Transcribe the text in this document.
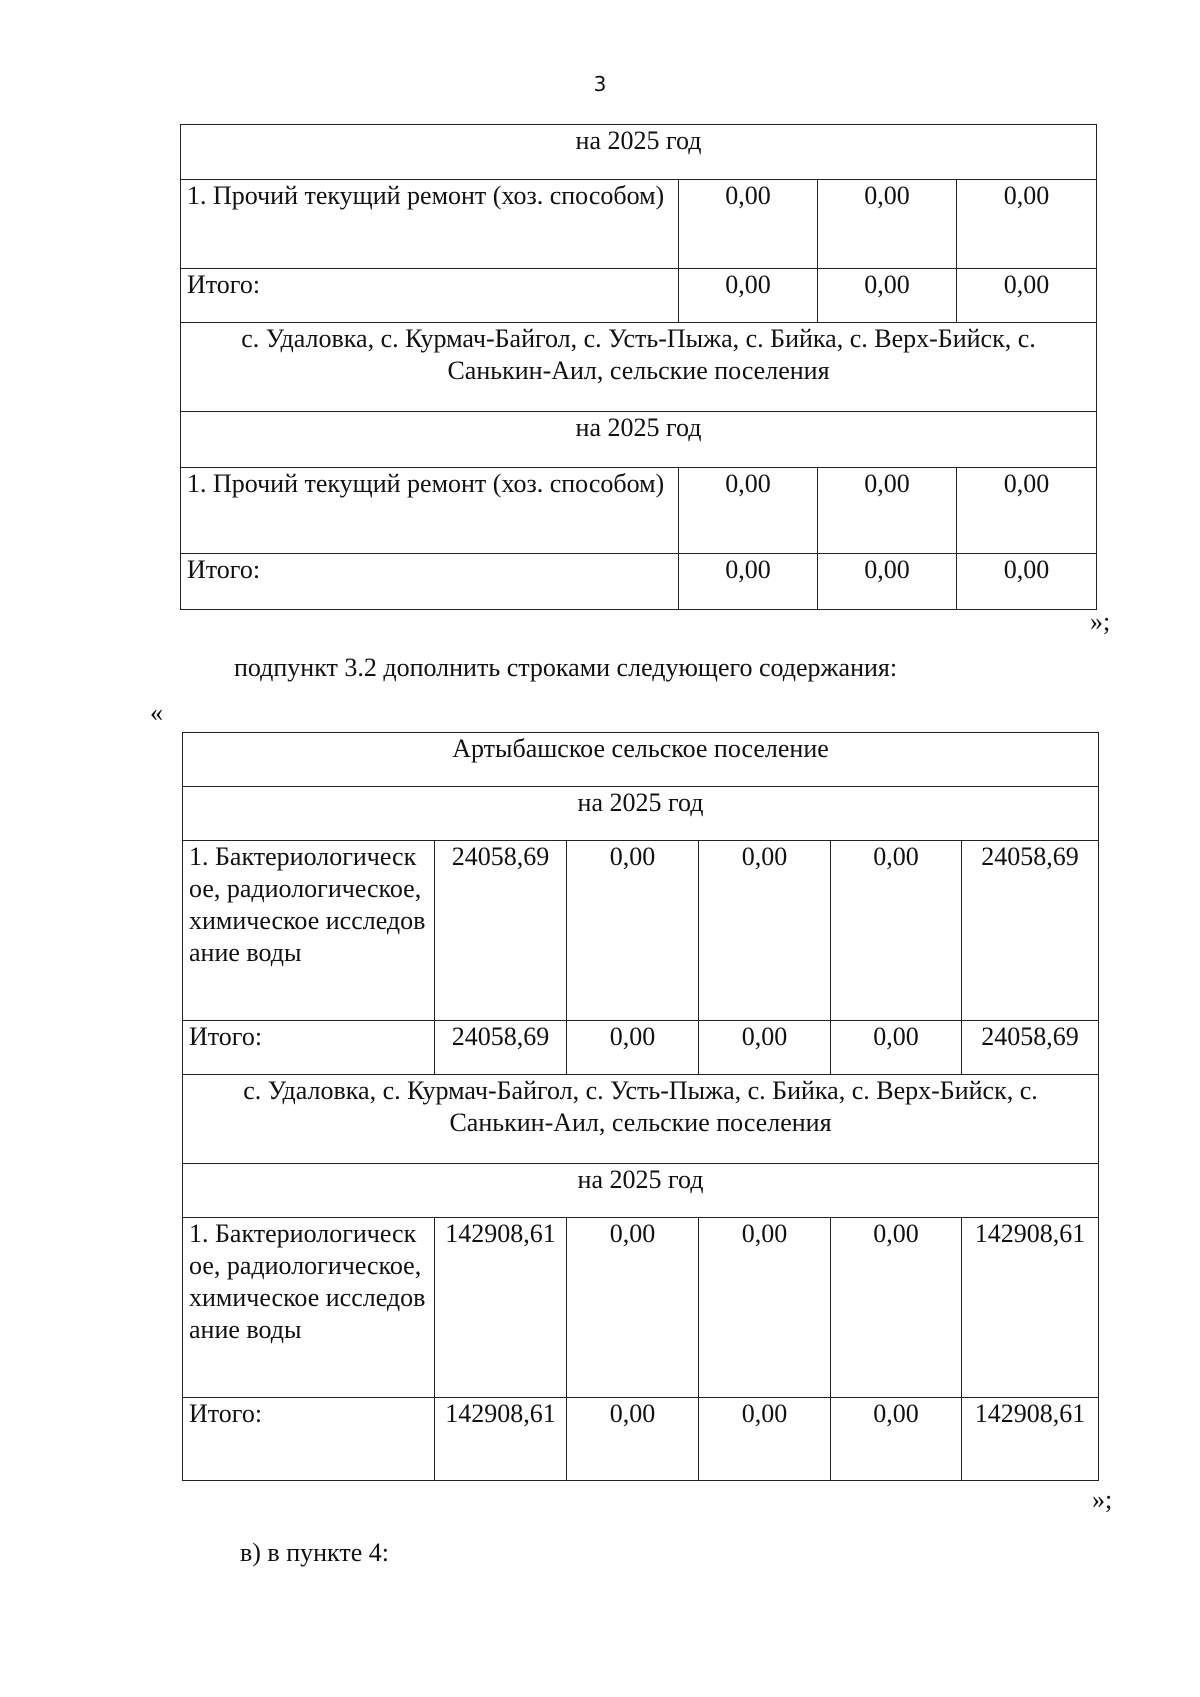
3
на 2025 год			
1. Прочий текущий ремонт (хоз. способом)	0,00	0,00	0,00
Итого:	0,00	0,00	0,00
с. Удаловка, с. Курмач-Байгол, с. Усть-Пыжа, с. Бийка, с. Верх-Бийск, с. Санькин-Аил, сельские поселения			
на 2025 год			
1. Прочий текущий ремонт (хоз. способом)	0,00	0,00	0,00
Итого:	0,00	0,00	0,00
»;
подпункт 3.2 дополнить строками следующего содержания:
«
Артыбашское сельское поселение					
на 2025 год					
1. Бактериологическое, радиологическое, химическое исследование воды	24058,69	0,00	0,00	0,00	24058,69
Итого:	24058,69	0,00	0,00	0,00	24058,69
с. Удаловка, с. Курмач-Байгол, с. Усть-Пыжа, с. Бийка, с. Верх-Бийск, с. Санькин-Аил, сельские поселения					
на 2025 год					
1. Бактериологическое, радиологическое, химическое исследование воды	142908,61	0,00	0,00	0,00	142908,61
Итого:	142908,61	0,00	0,00	0,00	142908,61
»;
в) в пункте 4:
